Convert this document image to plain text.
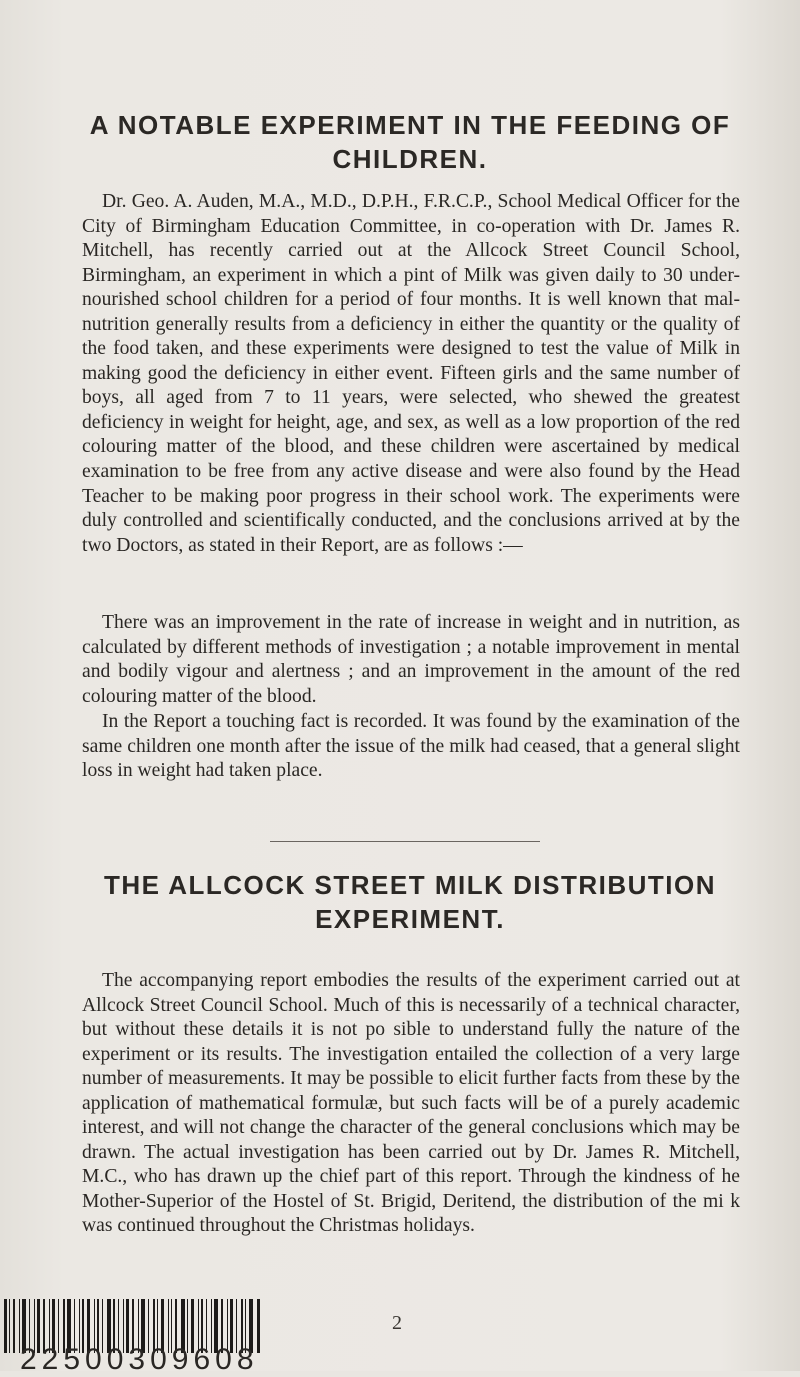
A NOTABLE EXPERIMENT IN THE FEEDING OF
CHILDREN.

Dr. Geo. A. Auden, M.A., M.D., D.P.H., F.R.C.P., School Medical Officer for the City of Birmingham Education Committee, in co-operation with Dr. James R. Mitchell, has recently carried out at the Allcock Street Council School, Birmingham, an experiment in which a pint of Milk was given daily to 30 under-nourished school children for a period of four months. It is well known that mal-nutrition generally results from a deficiency in either the quantity or the quality of the food taken, and these experiments were designed to test the value of Milk in making good the deficiency in either event. Fifteen girls and the same number of boys, all aged from 7 to 11 years, were selected, who shewed the greatest deficiency in weight for height, age, and sex, as well as a low proportion of the red colouring matter of the blood, and these children were ascertained by medical examination to be free from any active disease and were also found by the Head Teacher to be making poor progress in their school work. The experiments were duly controlled and scientifically conducted, and the conclusions arrived at by the two Doctors, as stated in their Report, are as follows :—

There was an improvement in the rate of increase in weight and in nutrition, as calculated by different methods of investigation ; a notable improvement in mental and bodily vigour and alertness ; and an improvement in the amount of the red colouring matter of the blood.

In the Report a touching fact is recorded. It was found by the examination of the same children one month after the issue of the milk had ceased, that a general slight loss in weight had taken place.

THE ALLCOCK STREET MILK DISTRIBUTION
EXPERIMENT.

The accompanying report embodies the results of the experiment carried out at Allcock Street Council School. Much of this is necessarily of a technical character, but without these details it is not po sible to understand fully the nature of the experiment or its results. The investigation entailed the collection of a very large number of measurements. It may be possible to elicit further facts from these by the application of mathematical formulæ, but such facts will be of a purely academic interest, and will not change the character of the general conclusions which may be drawn. The actual investigation has been carried out by Dr. James R. Mitchell, M.C., who has drawn up the chief part of this report. Through the kindness of he Mother-Superior of the Hostel of St. Brigid, Deritend, the distribution of the mi k was continued throughout the Christmas holidays.

22500309608
2
